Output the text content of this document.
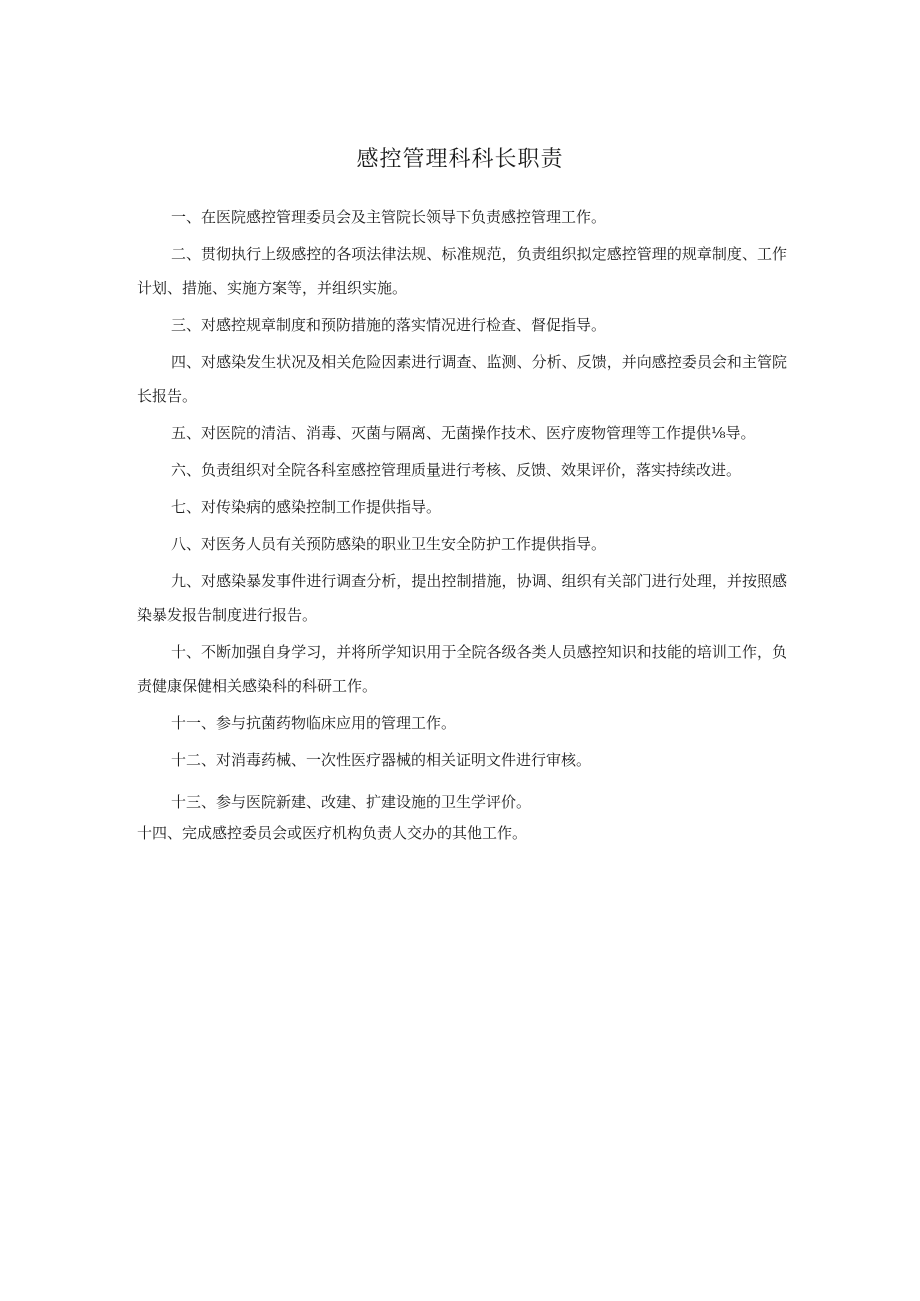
感控管理科科长职责
一、在医院感控管理委员会及主管院长领导下负责感控管理工作。
二、贯彻执行上级感控的各项法律法规、标准规范，负责组织拟定感控管理的规章制度、工作计划、措施、实施方案等，并组织实施。
三、对感控规章制度和预防措施的落实情况进行检查、督促指导。
四、对感染发生状况及相关危险因素进行调查、监测、分析、反馈，并向感控委员会和主管院长报告。
五、对医院的清洁、消毒、灭菌与隔离、无菌操作技术、医疗废物管理等工作提供⅛导。
六、负责组织对全院各科室感控管理质量进行考核、反馈、效果评价，落实持续改进。
七、对传染病的感染控制工作提供指导。
八、对医务人员有关预防感染的职业卫生安全防护工作提供指导。
九、对感染暴发事件进行调查分析，提出控制措施，协调、组织有关部门进行处理，并按照感染暴发报告制度进行报告。
十、不断加强自身学习，并将所学知识用于全院各级各类人员感控知识和技能的培训工作，负责健康保健相关感染科的科研工作。
十一、参与抗菌药物临床应用的管理工作。
十二、对消毒药械、一次性医疗器械的相关证明文件进行审核。
十三、参与医院新建、改建、扩建设施的卫生学评价。
十四、完成感控委员会或医疗机构负责人交办的其他工作。
